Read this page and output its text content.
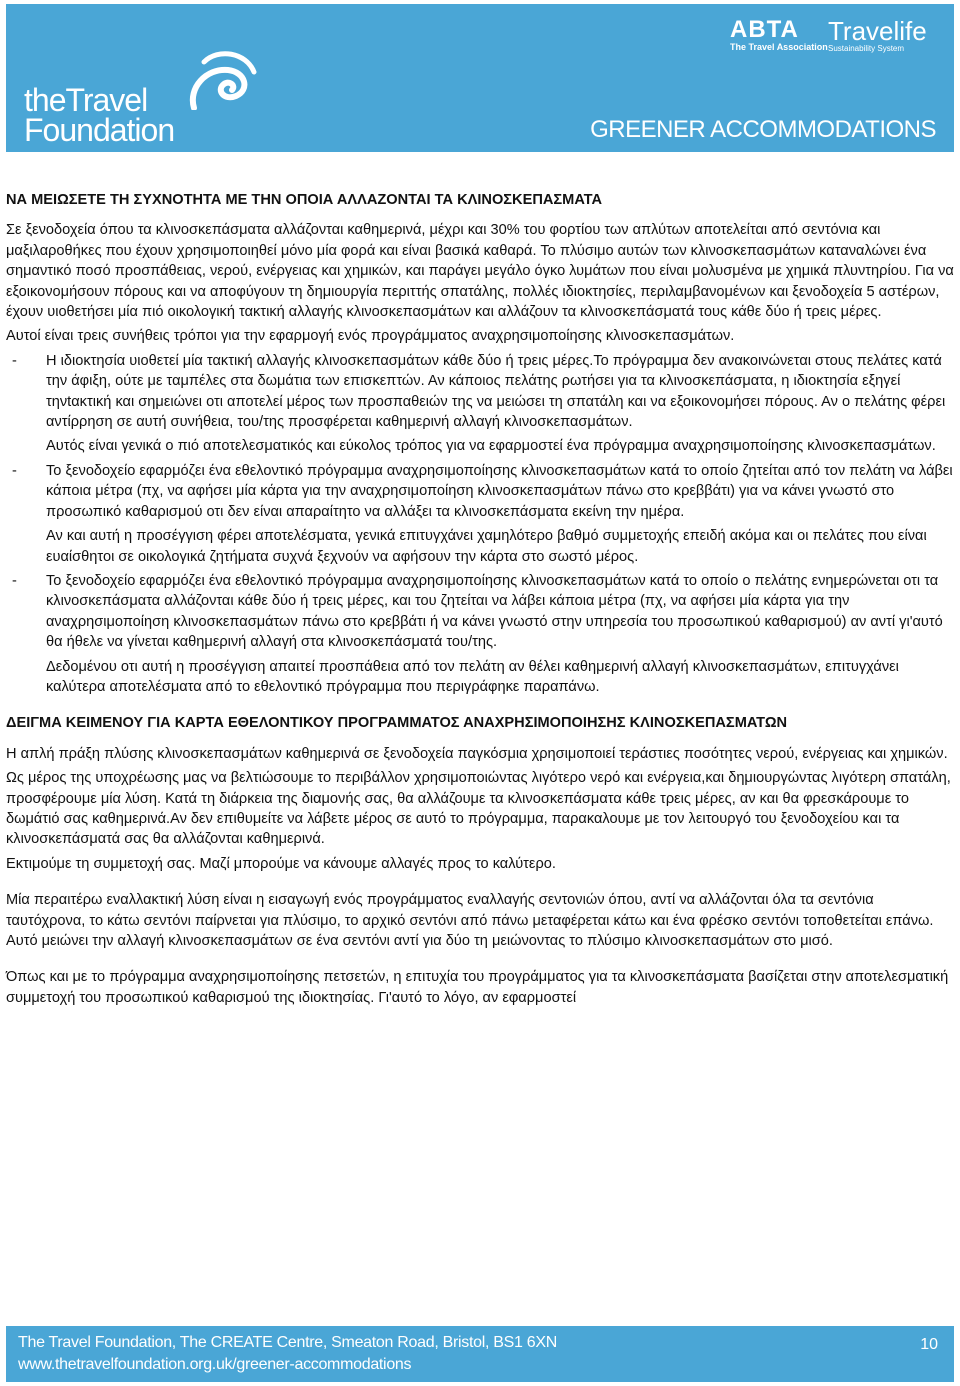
theTravel
Foundation
ABTA
The Travel Association
Travelife
Sustainability System
GREENER ACCOMMODATIONS

ΝΑ ΜΕΙΩΣΕΤΕ ΤΗ ΣΥΧΝΟΤΗΤΑ ΜΕ ΤΗΝ ΟΠΟΙΑ ΑΛΛΑΖΟΝΤΑΙ ΤΑ ΚΛΙΝΟΣΚΕΠΑΣΜΑΤΑ

Σε ξενοδοχεία όπου τα κλινοσκεπάσματα αλλάζονται καθημερινά, μέχρι και 30% του φορτίου των απλύτων αποτελείται από σεντόνια και μαξιλαροθήκες που έχουν χρησιμοποιηθεί μόνο μία φορά και είναι βασικά καθαρά. Το πλύσιμο αυτών των κλινοσκεπασμάτων καταναλώνει ένα σημαντικό ποσό προσπάθειας, νερού, ενέργειας και χημικών, και παράγει μεγάλο όγκο λυμάτων που είναι μολυσμένα με χημικά πλυντηρίου. Για να εξοικονομήσουν πόρους και να αποφύγουν τη δημιουργία περιττής σπατάλης, πολλές ιδιοκτησίες, περιλαμβανομένων και ξενοδοχεία 5 αστέρων, έχουν υιοθετήσει μία πιό οικολογική τακτική αλλαγής κλινοσκεπασμάτων και αλλάζουν τα κλινοσκεπάσματά τους κάθε δύο ή τρεις μέρες.

Αυτοί είναι τρεις συνήθεις τρόποι για την εφαρμογή ενός προγράμματος αναχρησιμοποίησης κλινοσκεπασμάτων.

- Η ιδιοκτησία υιοθετεί μία τακτική αλλαγής κλινοσκεπασμάτων κάθε δύο ή τρεις μέρες.Το πρόγραμμα δεν ανακοινώνεται στους πελάτες κατά την άφιξη, ούτε με ταμπέλες στα δωμάτια των επισκεπτών. Αν κάποιος πελάτης ρωτήσει για τα κλινοσκεπάσματα, η ιδιοκτησία εξηγεί τηνtακτική και σημειώνει οτι αποτελεί μέρος των προσπαθειών της να μειώσει τη σπατάλη και να εξοικονομήσει πόρους. Αν ο πελάτης φέρει αντίρρηση σε αυτή συνήθεια, του/της προσφέρεται καθημερινή αλλαγή κλινοσκεπασμάτων.

Αυτός είναι γενικά ο πιό αποτελεσματικός και εύκολος τρόπος για να εφαρμοστεί ένα πρόγραμμα αναχρησιμοποίησης κλινοσκεπασμάτων.

- Το ξενοδοχείο εφαρμόζει ένα εθελοντικό πρόγραμμα αναχρησιμοποίησης κλινοσκεπασμάτων κατά το οποίο ζητείται από τον πελάτη να λάβει κάποια μέτρα (πχ, να αφήσει μία κάρτα για την αναχρησιμοποίηση κλινοσκεπασμάτων πάνω στο κρεββάτι) για να κάνει γνωστό στο προσωπικό καθαρισμού οτι δεν είναι απαραίτητο να αλλάξει τα κλινοσκεπάσματα εκείνη την ημέρα.

Αν και αυτή η προσέγγιση φέρει αποτελέσματα, γενικά επιτυγχάνει χαμηλότερο βαθμό συμμετοχής επειδή ακόμα και οι πελάτες που είναι ευαίσθητοι σε οικολογικά ζητήματα συχνά ξεχνούν να αφήσουν την κάρτα στο σωστό μέρος.

- Το ξενοδοχείο εφαρμόζει ένα εθελοντικό πρόγραμμα αναχρησιμοποίησης κλινοσκεπασμάτων κατά το οποίο ο πελάτης ενημερώνεται οτι τα κλινοσκεπάσματα αλλάζονται κάθε δύο ή τρεις μέρες, και του ζητείται να λάβει κάποια μέτρα (πχ, να αφήσει μία κάρτα για την αναχρησιμοποίηση κλινοσκεπασμάτων πάνω στο κρεββάτι ή να κάνει γνωστό στην υπηρεσία του προσωπικού καθαρισμού) αν αντί γι'αυτό θα ήθελε να γίνεται καθημερινή αλλαγή στα κλινοσκεπάσματά του/της.

Δεδομένου οτι αυτή η προσέγγιση απαιτεί προσπάθεια από τον πελάτη αν θέλει καθημερινή αλλαγή κλινοσκεπασμάτων, επιτυγχάνει καλύτερα αποτελέσματα από το εθελοντικό πρόγραμμα που περιγράφηκε παραπάνω.

ΔΕΙΓΜΑ ΚΕΙΜΕΝΟΥ ΓΙΑ ΚΑΡΤΑ ΕΘΕΛΟΝΤΙΚΟΥ ΠΡΟΓΡΑΜΜΑΤΟΣ ΑΝΑΧΡΗΣΙΜΟΠΟΙΗΣΗΣ ΚΛΙΝΟΣΚΕΠΑΣΜΑΤΩΝ

Η απλή πράξη πλύσης κλινοσκεπασμάτων καθημερινά σε ξενοδοχεία παγκόσμια χρησιμοποιεί τεράστιες ποσότητες νερού, ενέργειας και χημικών.

Ως μέρος της υποχρέωσης μας να βελτιώσουμε το περιβάλλον χρησιμοποιώντας λιγότερο νερό και ενέργεια,και δημιουργώντας λιγότερη σπατάλη, προσφέρουμε μία λύση. Κατά τη διάρκεια της διαμονής σας, θα αλλάζουμε τα κλινοσκεπάσματα κάθε τρεις μέρες, αν και θα φρεσκάρουμε το δωμάτιό σας καθημερινά.Αν δεν επιθυμείτε να λάβετε μέρος σε αυτό το πρόγραμμα, παρακαλουμε με τον λειτουργό του ξενοδοχείου και τα κλινοσκεπάσματά σας θα αλλάζονται καθημερινά.

Εκτιμούμε τη συμμετοχή σας. Μαζί μπορούμε να κάνουμε αλλαγές προς το καλύτερο.

Μία περαιτέρω εναλλακτική λύση είναι η εισαγωγή ενός προγράμματος εναλλαγής σεντονιών όπου, αντί να αλλάζονται όλα τα σεντόνια ταυτόχρονα, το κάτω σεντόνι παίρνεται για πλύσιμο, το αρχικό σεντόνι από πάνω μεταφέρεται κάτω και ένα φρέσκο σεντόνι τοποθετείται επάνω. Αυτό μειώνει την αλλαγή κλινοσκεπασμάτων σε ένα σεντόνι αντί για δύο τη μειώνοντας το πλύσιμο κλινοσκεπασμάτων στο μισό.

Όπως και με το πρόγραμμα αναχρησιμοποίησης πετσετών, η επιτυχία του προγράμματος για τα κλινοσκεπάσματα βασίζεται στην αποτελεσματική συμμετοχή του προσωπικού καθαρισμού της ιδιοκτησίας. Γι'αυτό το λόγο, αν εφαρμοστεί

The Travel Foundation, The CREATE Centre, Smeaton Road, Bristol, BS1 6XN
www.thetravelfoundation.org.uk/greener-accommodations
10
